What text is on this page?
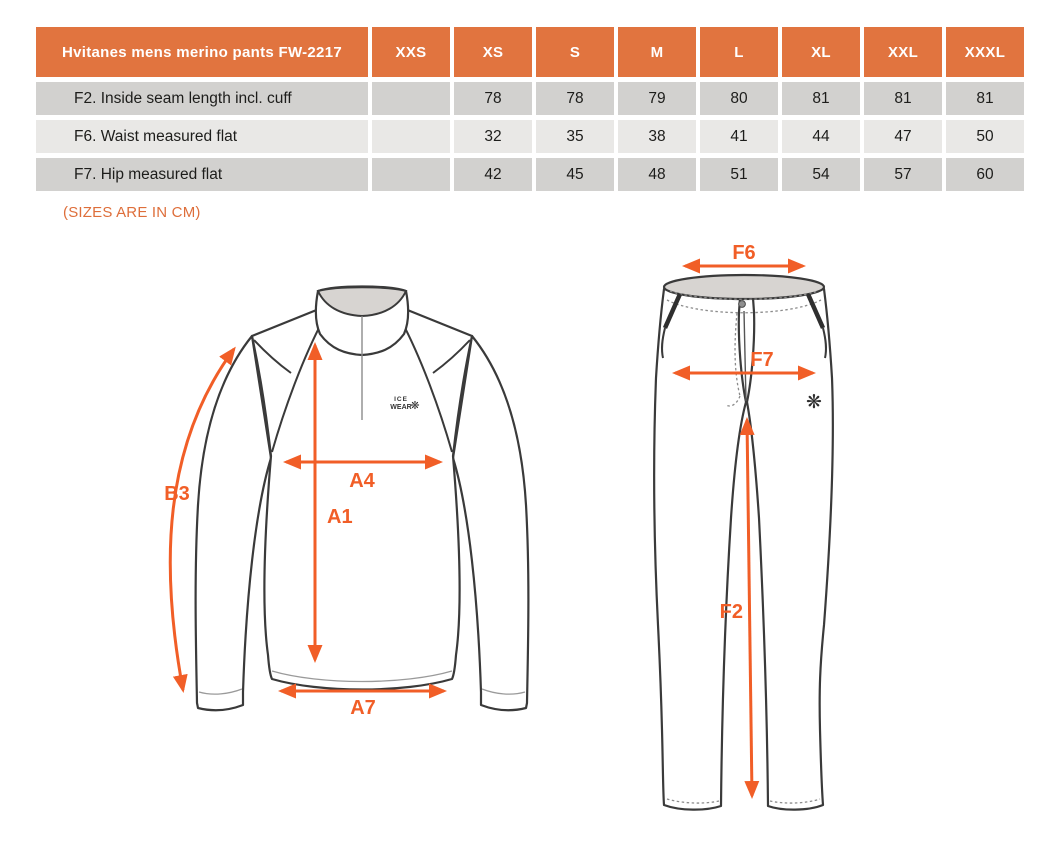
Hvitanes mens merino pants FW-2217	XXS	XS	S	M	L	XL	XXL	XXXL
F2. Inside seam length incl. cuff		78	78	79	80	81	81	81
F6. Waist measured flat		32	35	38	41	44	47	50
F7. Hip measured flat		42	45	48	51	54	57	60
(SIZES ARE IN CM)
ICE
WEAR
❋
B3
A4
A1
A7
❋
F6
F7
F2
